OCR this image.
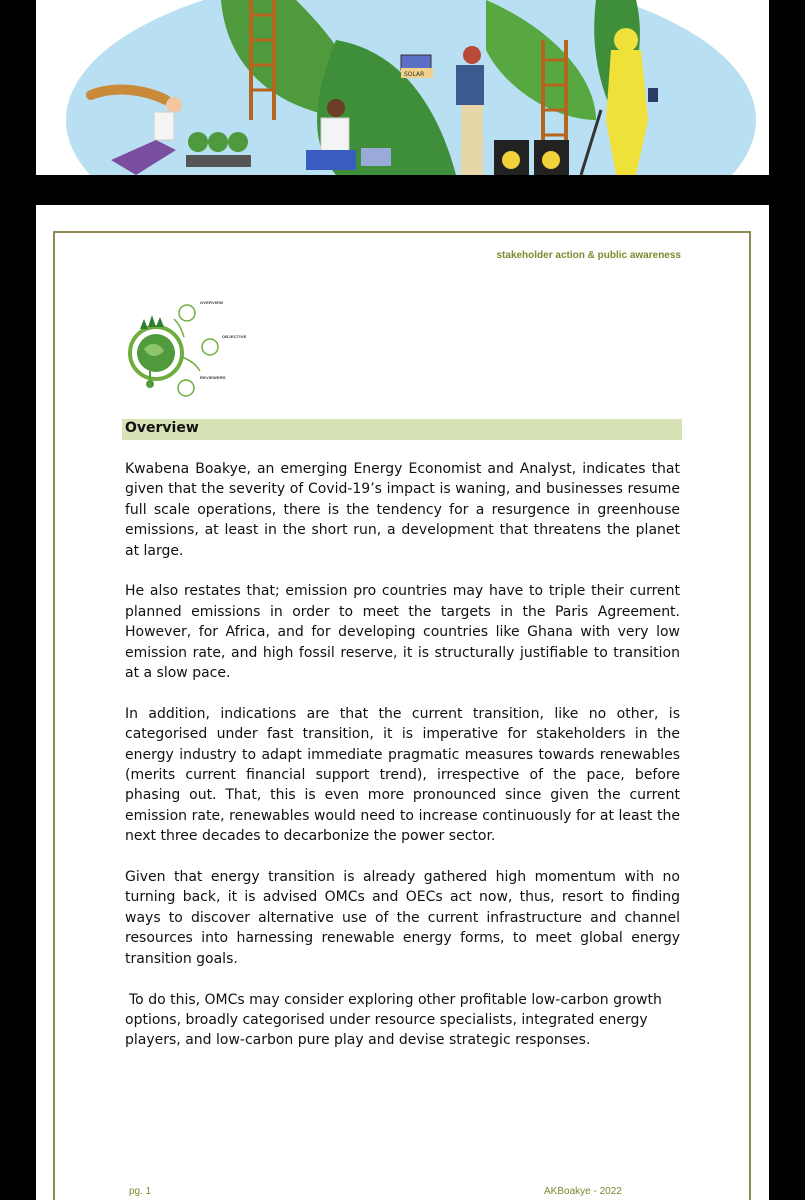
SOLAR
stakeholder action & public awareness
OVERVIEW
OBJECTIVE
REVIEWERS
Overview

Kwabena Boakye, an emerging Energy Economist and Analyst, indicates that given that the severity of Covid-19’s impact is waning, and businesses resume full scale operations, there is the tendency for a resurgence in greenhouse emissions, at least in the short run, a development that threatens the planet at large.

He also restates that; emission pro countries may have to triple their current planned emissions in order to meet the targets in the Paris Agreement. However, for Africa, and for developing countries like Ghana with very low emission rate, and high fossil reserve, it is structurally justifiable to transition at a slow pace.

In addition, indications are that the current transition, like no other, is categorised under fast transition, it is imperative for stakeholders in the energy industry to adapt immediate pragmatic measures towards renewables (merits current financial support trend), irrespective of the pace, before phasing out. That, this is even more pronounced since given the current emission rate, renewables would need to increase continuously for at least the next three decades to decarbonize the power sector.

Given that energy transition is already gathered high momentum with no turning back, it is advised OMCs and OECs act now, thus, resort to finding ways to discover alternative use of the current infrastructure and channel resources into harnessing renewable energy forms, to meet global energy transition goals.

To do this, OMCs may consider exploring other profitable low-carbon growth options, broadly categorised under resource specialists, integrated energy players, and low-carbon pure play and devise strategic responses.

pg. 1	AKBoakye - 2022
